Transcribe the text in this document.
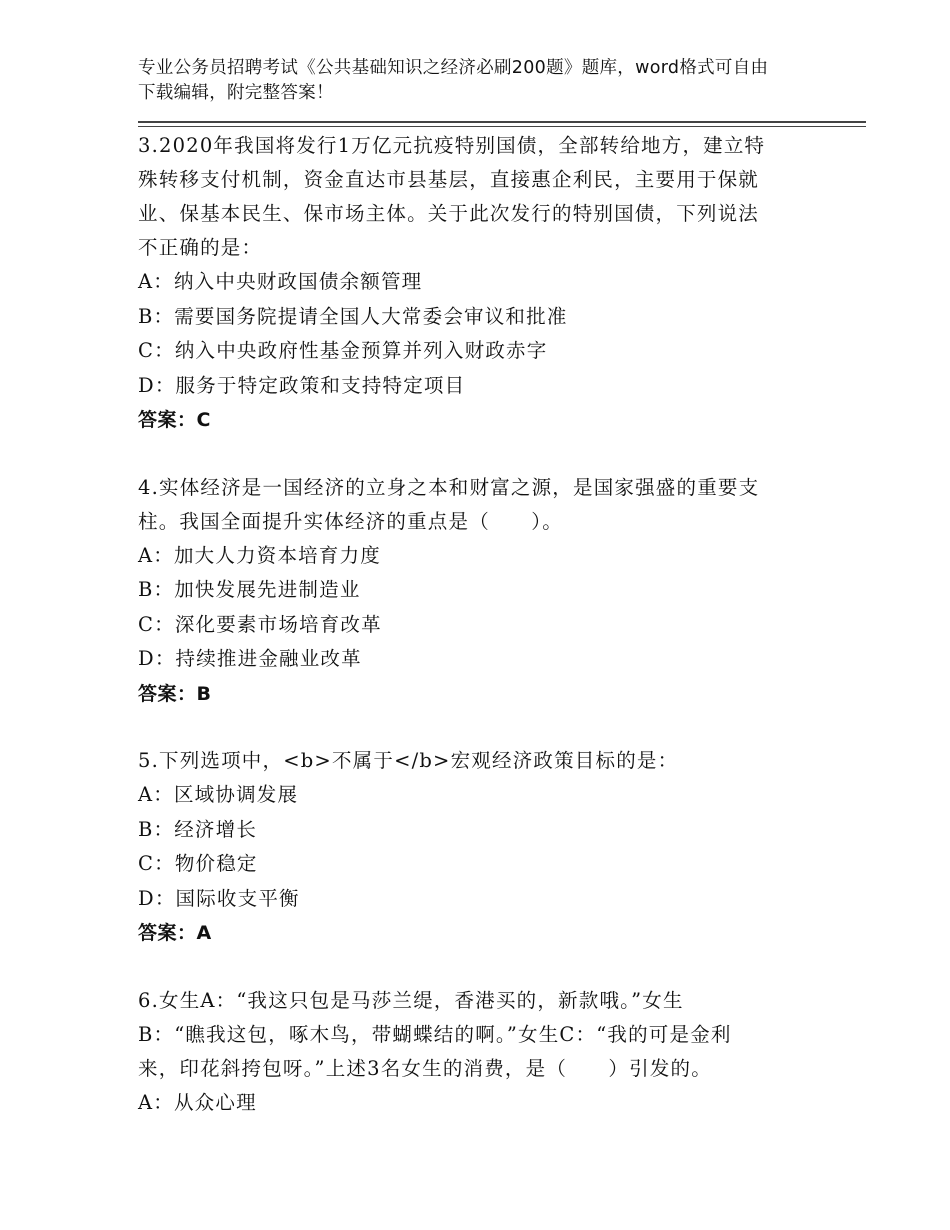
专业公务员招聘考试《公共基础知识之经济必刷200题》题库，word格式可自由
下载编辑，附完整答案！

3.2020年我国将发行1万亿元抗疫特别国债，全部转给地方，建立特

殊转移支付机制，资金直达市县基层，直接惠企利民，主要用于保就

业、保基本民生、保市场主体。关于此次发行的特别国债，下列说法

不正确的是：

A：纳入中央财政国债余额管理

B：需要国务院提请全国人大常委会审议和批准

C：纳入中央政府性基金预算并列入财政赤字

D：服务于特定政策和支持特定项目

答案：C

4.实体经济是一国经济的立身之本和财富之源，是国家强盛的重要支

柱。我国全面提升实体经济的重点是（　　）。

A：加大人力资本培育力度

B：加快发展先进制造业

C：深化要素市场培育改革

D：持续推进金融业改革

答案：B

5.下列选项中，<b>不属于</b>宏观经济政策目标的是：

A：区域协调发展

B：经济增长

C：物价稳定

D：国际收支平衡

答案：A

6.女生A：“我这只包是马莎兰缇，香港买的，新款哦。”女生

B：“瞧我这包，啄木鸟，带蝴蝶结的啊。”女生C：“我的可是金利

来，印花斜挎包呀。”上述3名女生的消费，是（　　）引发的。

A：从众心理
